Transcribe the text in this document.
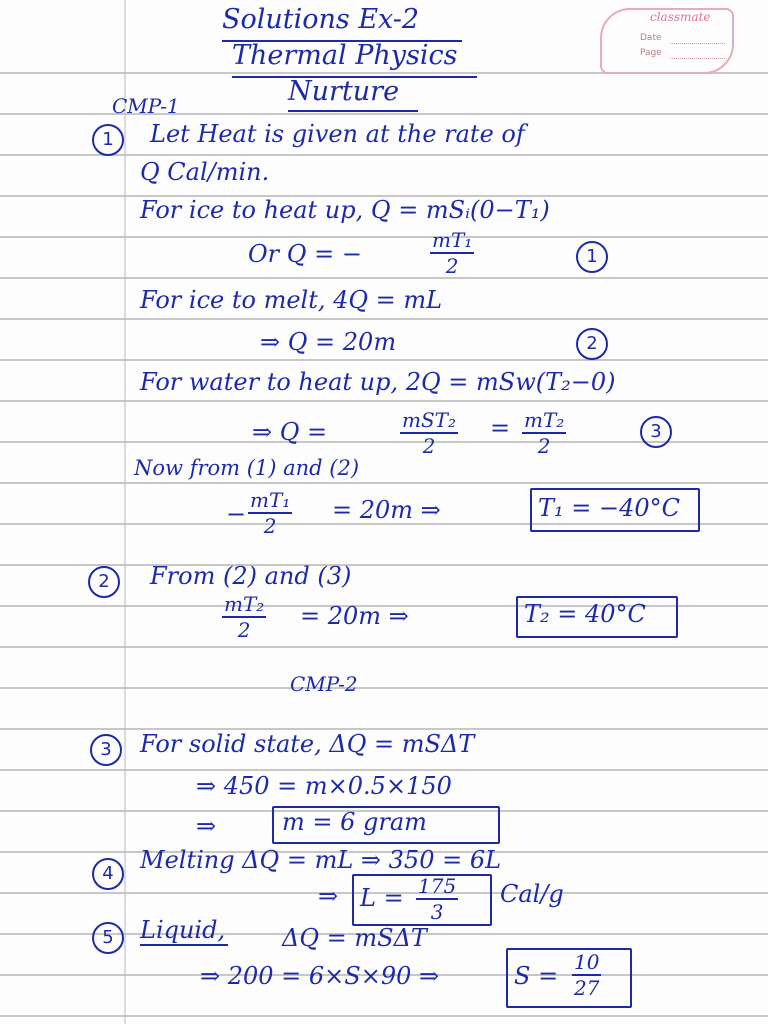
classmate
Date
Page
Solutions Ex-2
Thermal Physics
Nurture
CMP-1
1	Let Heat is given at the rate of
Q Cal/min.
For ice to heat up, Q = mSᵢ(0−T₁)
Or Q = −	$\frac{\text{mT₁}}{2}$	1
For ice to melt, 4Q = mL
⇒ Q = 20m	2
For water to heat up, 2Q = mSw(T₂−0)
⇒ Q =	mST₂
2
= $\frac{\text{mT₂}}{2}$	3
Now from (1) and (2)
− $\frac{\text{mT₁}}{2} = 20m$ ⇒	T₁ = −40°C
2	From (2) and (3)
$\frac{\text{mT₂}}{2} = 20m$ ⇒	T₂ = 40°C
CMP-2
3	For solid state, ΔQ = mSΔT
⇒ 450 = m×0.5×150
⇒	m = 6 gram
4	Melting ΔQ = mL ⇒ 350 = 6L
⇒ $L = \frac{175}{3} Cal/g$
5	Liquid, ΔQ = mSΔT
⇒ 200 = 6×S×90 ⇒	$S = \frac{10}{27}$
